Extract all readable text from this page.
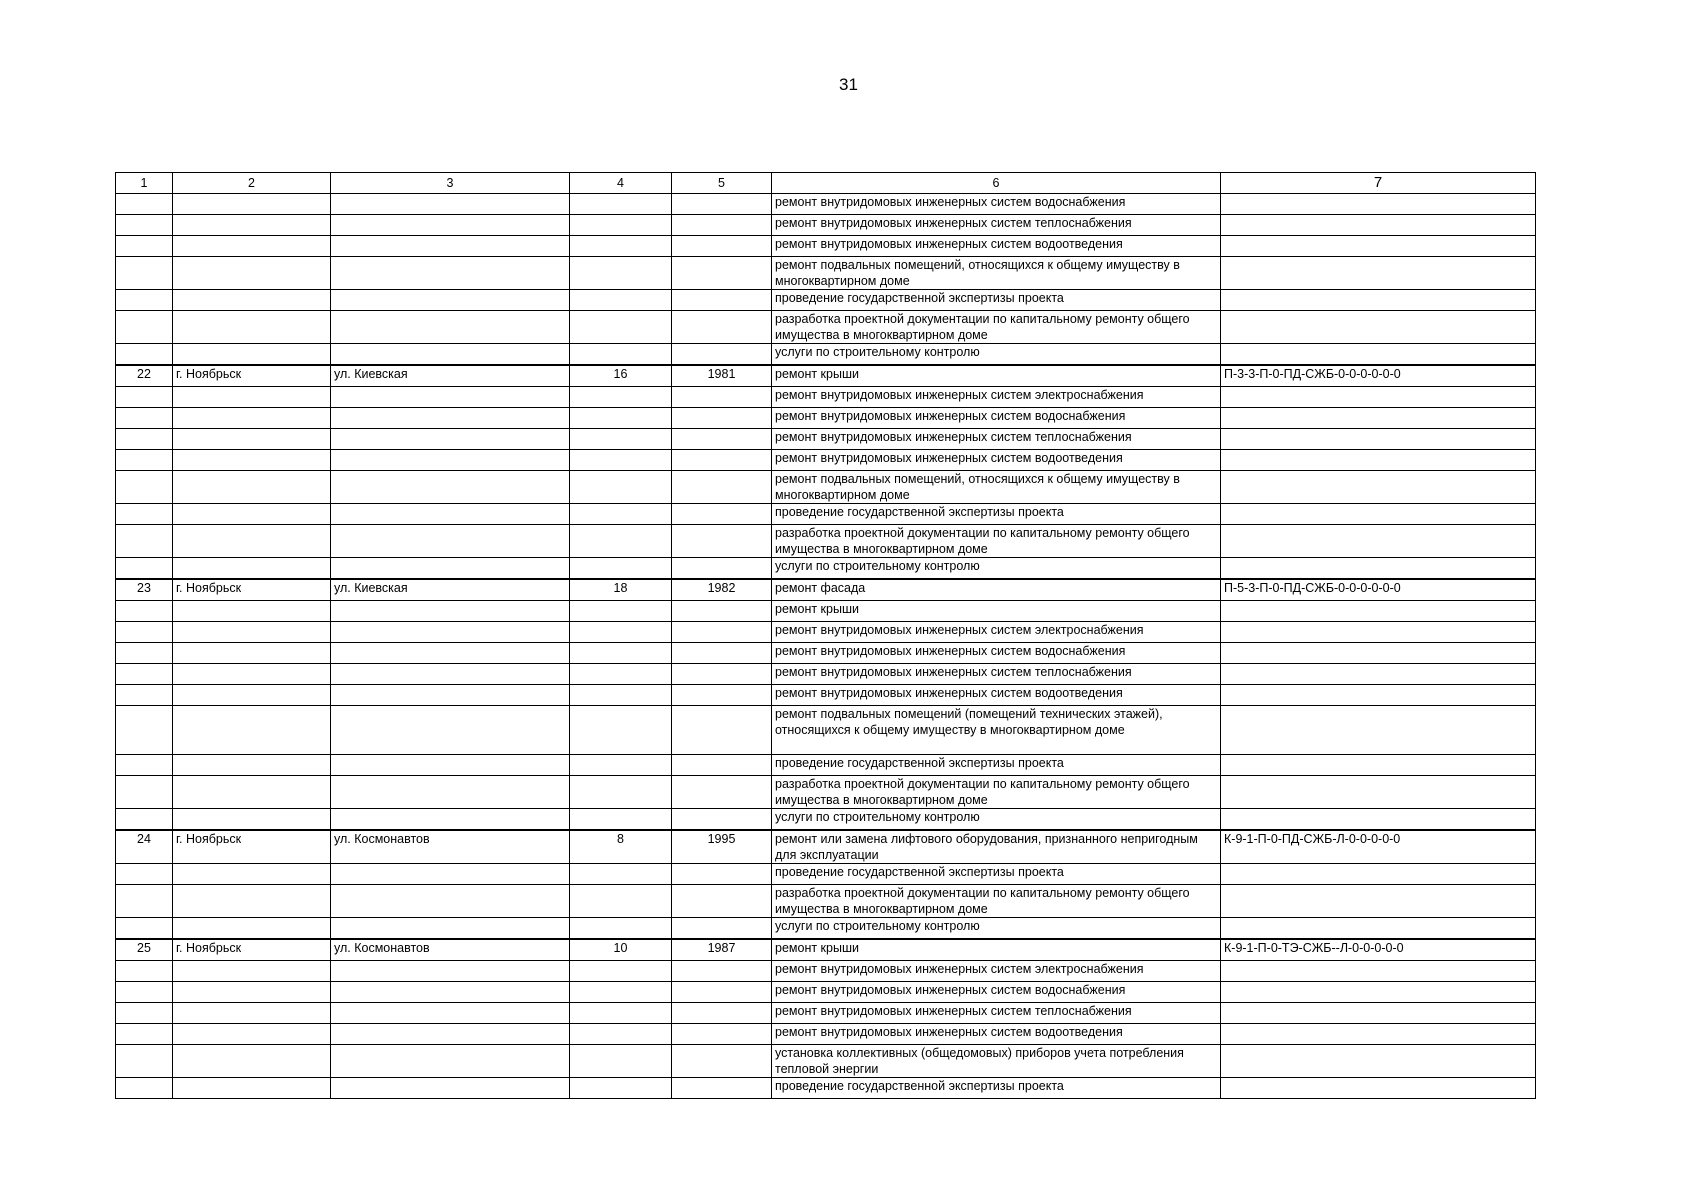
31
1	2	3	4	5	6	7
					ремонт внутридомовых инженерных систем водоснабжения	
					ремонт внутридомовых инженерных систем теплоснабжения	
					ремонт внутридомовых инженерных систем водоотведения	
					ремонт подвальных помещений, относящихся к общему имуществу в многоквартирном доме	
					проведение государственной экспертизы проекта	
					разработка проектной документации по капитальному ремонту общего имущества в многоквартирном доме	
					услуги по строительному контролю	
22	г. Ноябрьск	ул. Киевская	16	1981	ремонт крыши	П-3-3-П-0-ПД-СЖБ-0-0-0-0-0-0
					ремонт внутридомовых инженерных систем электроснабжения	
					ремонт внутридомовых инженерных систем водоснабжения	
					ремонт внутридомовых инженерных систем теплоснабжения	
					ремонт внутридомовых инженерных систем водоотведения	
					ремонт подвальных помещений, относящихся к общему имуществу в многоквартирном доме	
					проведение государственной экспертизы проекта	
					разработка проектной документации по капитальному ремонту общего имущества в многоквартирном доме	
					услуги по строительному контролю	
23	г. Ноябрьск	ул. Киевская	18	1982	ремонт фасада	П-5-3-П-0-ПД-СЖБ-0-0-0-0-0-0
					ремонт крыши	
					ремонт внутридомовых инженерных систем электроснабжения	
					ремонт внутридомовых инженерных систем водоснабжения	
					ремонт внутридомовых инженерных систем теплоснабжения	
					ремонт внутридомовых инженерных систем водоотведения	
					ремонт подвальных помещений (помещений технических этажей), относящихся к общему имуществу в многоквартирном доме	
					проведение государственной экспертизы проекта	
					разработка проектной документации по капитальному ремонту общего имущества в многоквартирном доме	
					услуги по строительному контролю	
24	г. Ноябрьск	ул. Космонавтов	8	1995	ремонт или замена лифтового оборудования, признанного непригодным для эксплуатации	К-9-1-П-0-ПД-СЖБ-Л-0-0-0-0-0
					проведение государственной экспертизы проекта	
					разработка проектной документации по капитальному ремонту общего имущества в многоквартирном доме	
					услуги по строительному контролю	
25	г. Ноябрьск	ул. Космонавтов	10	1987	ремонт крыши	К-9-1-П-0-ТЭ-СЖБ--Л-0-0-0-0-0
					ремонт внутридомовых инженерных систем электроснабжения	
					ремонт внутридомовых инженерных систем водоснабжения	
					ремонт внутридомовых инженерных систем теплоснабжения	
					ремонт внутридомовых инженерных систем водоотведения	
					установка коллективных (общедомовых) приборов учета потребления тепловой энергии	
					проведение государственной экспертизы проекта	
